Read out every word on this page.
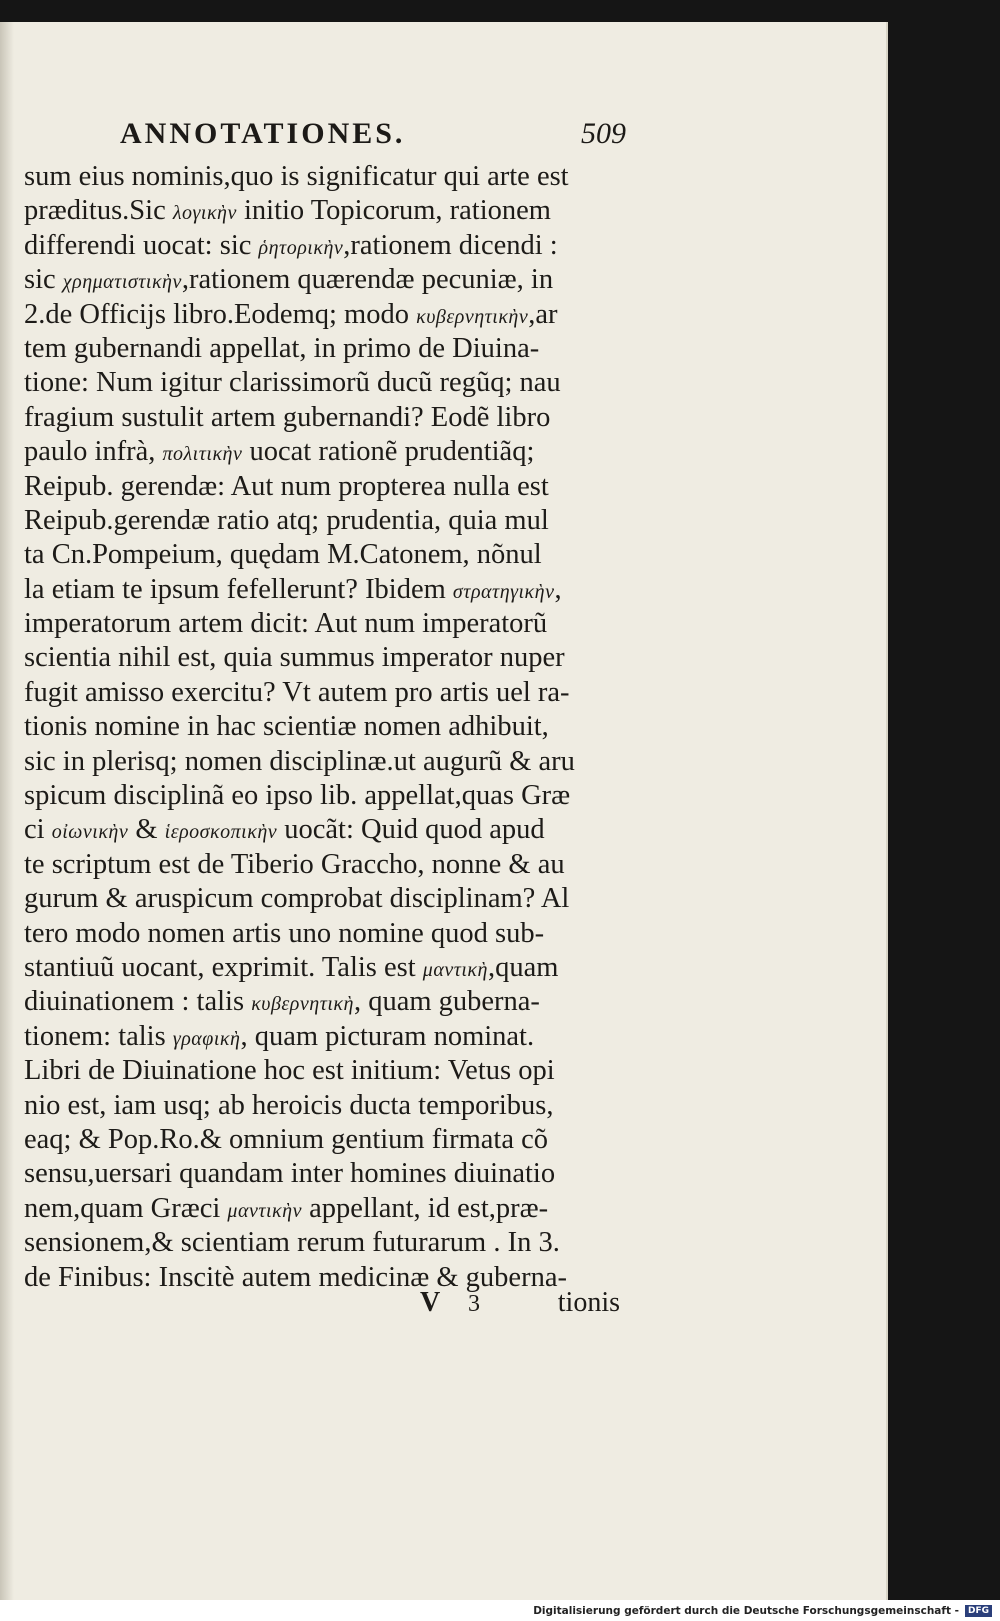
ANNOTATIONES.	509
sum eius nominis,quo is significatur qui arte est
præditus.Sic λογικὴν initio Topicorum, rationem
differendi uocat: sic ῥητορικὴν,rationem dicendi :
sic χρηματιστικὴν,rationem quærendæ pecuniæ, in
2.de Officijs libro.Eodemq; modo κυβερνητικὴν,ar
tem gubernandi appellat, in primo de Diuina-
tione: Num igitur clarissimorũ ducũ regũq; nau
fragium sustulit artem gubernandi? Eodẽ libro
paulo infrà, πολιτικὴν uocat rationẽ prudentiãq;
Reipub. gerendæ: Aut num propterea nulla est
Reipub.gerendæ ratio atq; prudentia, quia mul
ta Cn.Pompeium, quędam M.Catonem, nõnul
la etiam te ipsum fefellerunt? Ibidem στρατηγικὴν,
imperatorum artem dicit: Aut num imperatorũ
scientia nihil est, quia summus imperator nuper
fugit amisso exercitu? Vt autem pro artis uel ra-
tionis nomine in hac scientiæ nomen adhibuit,
sic in plerisq; nomen disciplinæ.ut augurũ & aru
spicum disciplinã eo ipso lib. appellat,quas Græ
ci οἰωνικὴν & ἱεροσκοπικὴν uocãt: Quid quod apud
te scriptum est de Tiberio Graccho, nonne & au
gurum & aruspicum comprobat disciplinam? Al
tero modo nomen artis uno nomine quod sub-
stantiuũ uocant, exprimit. Talis est μαντικὴ,quam
diuinationem : talis κυβερνητικὴ, quam guberna-
tionem: talis γραφικὴ, quam picturam nominat.
Libri de Diuinatione hoc est initium: Vetus opi
nio est, iam usq; ab heroicis ducta temporibus,
eaq; & Pop.Ro.& omnium gentium firmata cõ
sensu,uersari quandam inter homines diuinatio
nem,quam Græci μαντικὴν appellant, id est,præ-
sensionem,& scientiam rerum futurarum . In 3.
de Finibus: Inscitè autem medicinæ & guberna-
V 3	tionis
Digitalisierung gefördert durch die Deutsche Forschungsgemeinschaft -	DFG
